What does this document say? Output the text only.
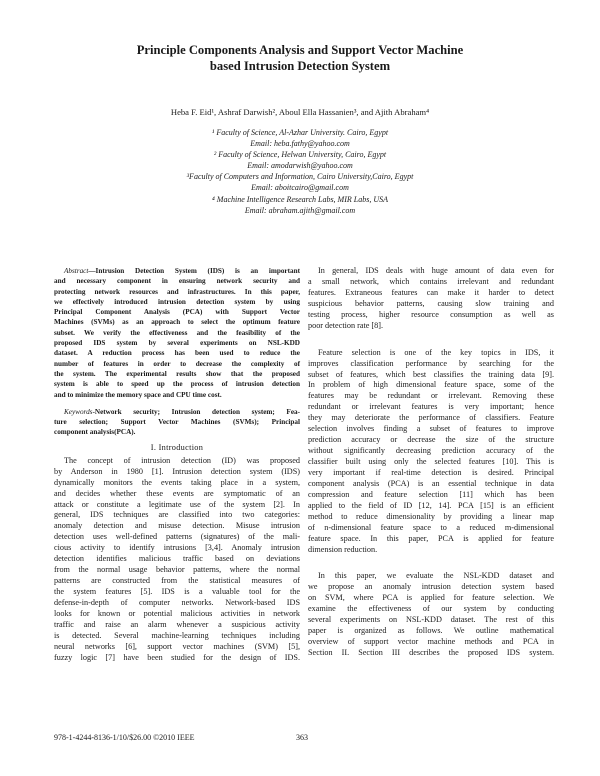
Principle Components Analysis and Support Vector Machine
based Intrusion Detection System
Heba F. Eid¹, Ashraf Darwish², Aboul Ella Hassanien³, and Ajith Abraham⁴
¹ Faculty of Science, Al-Azhar University. Cairo, Egypt
Email: heba.fathy@yahoo.com
² Faculty of Science, Helwan University, Cairo, Egypt
Email: amodarwish@yahoo.com
³Faculty of Computers and Information, Cairo University,Cairo, Egypt
Email: aboitcairo@gmail.com
⁴ Machine Intelligence Research Labs, MIR Labs, USA
Email: abraham.ajith@gmail.com
Abstract—Intrusion Detection System (IDS) is an important
and necessary component in ensuring network security and
protecting network resources and infrastructures. In this paper,
we effectively introduced intrusion detection system by using
Principal Component Analysis (PCA) with Support Vector
Machines (SVMs) as an approach to select the optimum feature
subset. We verify the effectiveness and the feasibility of the
proposed IDS system by several experiments on NSL-KDD
dataset. A reduction process has been used to reduce the
number of features in order to decrease the complexity of
the system. The experimental results show that the proposed
system is able to speed up the process of intrusion detection
and to minimize the memory space and CPU time cost.
Keywords-Network security; Intrusion detection system; Fea-
ture selection; Support Vector Machines (SVMs); Principal
component analysis(PCA).
I. Introduction
The concept of intrusion detection (ID) was proposed
by Anderson in 1980 [1]. Intrusion detection system (IDS)
dynamically monitors the events taking place in a system,
and decides whether these events are symptomatic of an
attack or constitute a legitimate use of the system [2]. In
general, IDS techniques are classified into two categories:
anomaly detection and misuse detection. Misuse intrusion
detection uses well-defined patterns (signatures) of the mali-
cious activity to identify intrusions [3,4]. Anomaly intrusion
detection identifies malicious traffic based on deviations
from the normal usage behavior patterns, where the normal
patterns are constructed from the statistical measures of
the system features [5]. IDS is a valuable tool for the
defense-in-depth of computer networks. Network-based IDS
looks for known or potential malicious activities in network
traffic and raise an alarm whenever a suspicious activity
is detected. Several machine-learning techniques including
neural networks [6], support vector machines (SVM) [5],
fuzzy logic [7] have been studied for the design of IDS.
In general, IDS deals with huge amount of data even for
a small network, which contains irrelevant and redundant
features. Extraneous features can make it harder to detect
suspicious behavior patterns, causing slow training and
testing process, higher resource consumption as well as
poor detection rate [8].
Feature selection is one of the key topics in IDS, it
improves classification performance by searching for the
subset of features, which best classifies the training data [9].
In problem of high dimensional feature space, some of the
features may be redundant or irrelevant. Removing these
redundant or irrelevant features is very important; hence
they may deteriorate the performance of classifiers. Feature
selection involves finding a subset of features to improve
prediction accuracy or decrease the size of the structure
without significantly decreasing prediction accuracy of the
classifier built using only the selected features [10]. This is
very important if real-time detection is desired. Principal
component analysis (PCA) is an essential technique in data
compression and feature selection [11] which has been
applied to the field of ID [12, 14]. PCA [15] is an efficient
method to reduce dimensionality by providing a linear map
of n-dimensional feature space to a reduced m-dimensional
feature space. In this paper, PCA is applied for feature
dimension reduction.
In this paper, we evaluate the NSL-KDD dataset and
we propose an anomaly intrusion detection system based
on SVM, where PCA is applied for feature selection. We
examine the effectiveness of our system by conducting
several experiments on NSL-KDD dataset. The rest of this
paper is organized as follows. We outline mathematical
overview of support vector machine methods and PCA in
Section II. Section III describes the proposed IDS system.
978-1-4244-8136-1/10/$26.00 ©2010 IEEE	363
